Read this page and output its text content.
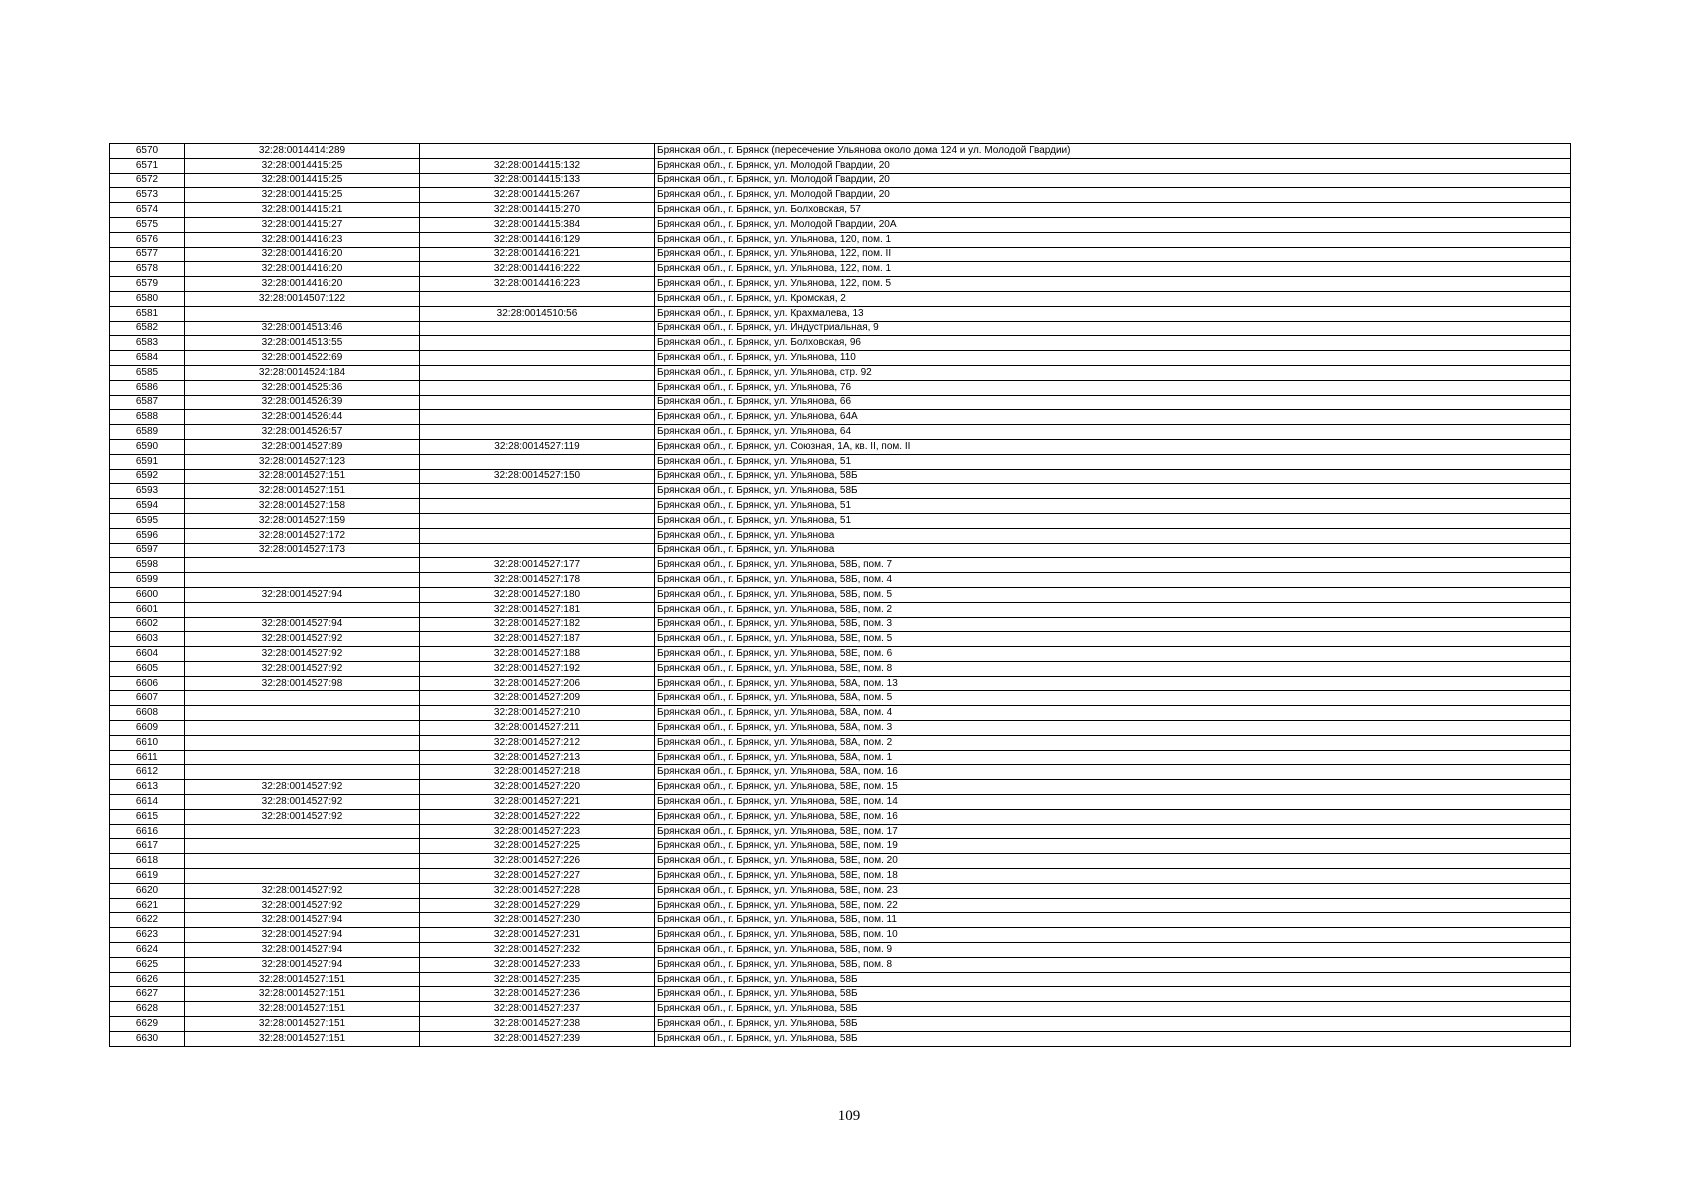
6570	32:28:0014414:289		Брянская обл., г. Брянск (пересечение Ульянова около дома 124 и ул. Молодой Гвардии)
6571	32:28:0014415:25	32:28:0014415:132	Брянская обл., г. Брянск, ул. Молодой Гвардии, 20
6572	32:28:0014415:25	32:28:0014415:133	Брянская обл., г. Брянск, ул. Молодой Гвардии, 20
6573	32:28:0014415:25	32:28:0014415:267	Брянская обл., г. Брянск, ул. Молодой Гвардии, 20
6574	32:28:0014415:21	32:28:0014415:270	Брянская обл., г. Брянск, ул. Болховская, 57
6575	32:28:0014415:27	32:28:0014415:384	Брянская обл., г. Брянск, ул. Молодой Гвардии, 20А
6576	32:28:0014416:23	32:28:0014416:129	Брянская обл., г. Брянск, ул. Ульянова, 120, пом. 1
6577	32:28:0014416:20	32:28:0014416:221	Брянская обл., г. Брянск, ул. Ульянова, 122, пом. II
6578	32:28:0014416:20	32:28:0014416:222	Брянская обл., г. Брянск, ул. Ульянова, 122, пом. 1
6579	32:28:0014416:20	32:28:0014416:223	Брянская обл., г. Брянск, ул. Ульянова, 122, пом. 5
6580	32:28:0014507:122		Брянская обл., г. Брянск, ул. Кромская, 2
6581		32:28:0014510:56	Брянская обл., г. Брянск, ул. Крахмалева, 13
6582	32:28:0014513:46		Брянская обл., г. Брянск, ул. Индустриальная, 9
6583	32:28:0014513:55		Брянская обл., г. Брянск, ул. Болховская, 96
6584	32:28:0014522:69		Брянская обл., г. Брянск, ул. Ульянова, 110
6585	32:28:0014524:184		Брянская обл., г. Брянск, ул. Ульянова, стр. 92
6586	32:28:0014525:36		Брянская обл., г. Брянск, ул. Ульянова, 76
6587	32:28:0014526:39		Брянская обл., г. Брянск, ул. Ульянова, 66
6588	32:28:0014526:44		Брянская обл., г. Брянск, ул. Ульянова, 64А
6589	32:28:0014526:57		Брянская обл., г. Брянск, ул. Ульянова, 64
6590	32:28:0014527:89	32:28:0014527:119	Брянская обл., г. Брянск, ул. Союзная, 1А, кв. II, пом. II
6591	32:28:0014527:123		Брянская обл., г. Брянск, ул. Ульянова, 51
6592	32:28:0014527:151	32:28:0014527:150	Брянская обл., г. Брянск, ул. Ульянова, 58Б
6593	32:28:0014527:151		Брянская обл., г. Брянск, ул. Ульянова, 58Б
6594	32:28:0014527:158		Брянская обл., г. Брянск, ул. Ульянова, 51
6595	32:28:0014527:159		Брянская обл., г. Брянск, ул. Ульянова, 51
6596	32:28:0014527:172		Брянская обл., г. Брянск, ул. Ульянова
6597	32:28:0014527:173		Брянская обл., г. Брянск, ул. Ульянова
6598		32:28:0014527:177	Брянская обл., г. Брянск, ул. Ульянова, 58Б, пом. 7
6599		32:28:0014527:178	Брянская обл., г. Брянск, ул. Ульянова, 58Б, пом. 4
6600	32:28:0014527:94	32:28:0014527:180	Брянская обл., г. Брянск, ул. Ульянова, 58Б, пом. 5
6601		32:28:0014527:181	Брянская обл., г. Брянск, ул. Ульянова, 58Б, пом. 2
6602	32:28:0014527:94	32:28:0014527:182	Брянская обл., г. Брянск, ул. Ульянова, 58Б, пом. 3
6603	32:28:0014527:92	32:28:0014527:187	Брянская обл., г. Брянск, ул. Ульянова, 58Е, пом. 5
6604	32:28:0014527:92	32:28:0014527:188	Брянская обл., г. Брянск, ул. Ульянова, 58Е, пом. 6
6605	32:28:0014527:92	32:28:0014527:192	Брянская обл., г. Брянск, ул. Ульянова, 58Е, пом. 8
6606	32:28:0014527:98	32:28:0014527:206	Брянская обл., г. Брянск, ул. Ульянова, 58А, пом. 13
6607		32:28:0014527:209	Брянская обл., г. Брянск, ул. Ульянова, 58А, пом. 5
6608		32:28:0014527:210	Брянская обл., г. Брянск, ул. Ульянова, 58А, пом. 4
6609		32:28:0014527:211	Брянская обл., г. Брянск, ул. Ульянова, 58А, пом. 3
6610		32:28:0014527:212	Брянская обл., г. Брянск, ул. Ульянова, 58А, пом. 2
6611		32:28:0014527:213	Брянская обл., г. Брянск, ул. Ульянова, 58А, пом. 1
6612		32:28:0014527:218	Брянская обл., г. Брянск, ул. Ульянова, 58А, пом. 16
6613	32:28:0014527:92	32:28:0014527:220	Брянская обл., г. Брянск, ул. Ульянова, 58Е, пом. 15
6614	32:28:0014527:92	32:28:0014527:221	Брянская обл., г. Брянск, ул. Ульянова, 58Е, пом. 14
6615	32:28:0014527:92	32:28:0014527:222	Брянская обл., г. Брянск, ул. Ульянова, 58Е, пом. 16
6616		32:28:0014527:223	Брянская обл., г. Брянск, ул. Ульянова, 58Е, пом. 17
6617		32:28:0014527:225	Брянская обл., г. Брянск, ул. Ульянова, 58Е, пом. 19
6618		32:28:0014527:226	Брянская обл., г. Брянск, ул. Ульянова, 58Е, пом. 20
6619		32:28:0014527:227	Брянская обл., г. Брянск, ул. Ульянова, 58Е, пом. 18
6620	32:28:0014527:92	32:28:0014527:228	Брянская обл., г. Брянск, ул. Ульянова, 58Е, пом. 23
6621	32:28:0014527:92	32:28:0014527:229	Брянская обл., г. Брянск, ул. Ульянова, 58Е, пом. 22
6622	32:28:0014527:94	32:28:0014527:230	Брянская обл., г. Брянск, ул. Ульянова, 58Б, пом. 11
6623	32:28:0014527:94	32:28:0014527:231	Брянская обл., г. Брянск, ул. Ульянова, 58Б, пом. 10
6624	32:28:0014527:94	32:28:0014527:232	Брянская обл., г. Брянск, ул. Ульянова, 58Б, пом. 9
6625	32:28:0014527:94	32:28:0014527:233	Брянская обл., г. Брянск, ул. Ульянова, 58Б, пом. 8
6626	32:28:0014527:151	32:28:0014527:235	Брянская обл., г. Брянск, ул. Ульянова, 58Б
6627	32:28:0014527:151	32:28:0014527:236	Брянская обл., г. Брянск, ул. Ульянова, 58Б
6628	32:28:0014527:151	32:28:0014527:237	Брянская обл., г. Брянск, ул. Ульянова, 58Б
6629	32:28:0014527:151	32:28:0014527:238	Брянская обл., г. Брянск, ул. Ульянова, 58Б
6630	32:28:0014527:151	32:28:0014527:239	Брянская обл., г. Брянск, ул. Ульянова, 58Б
109
